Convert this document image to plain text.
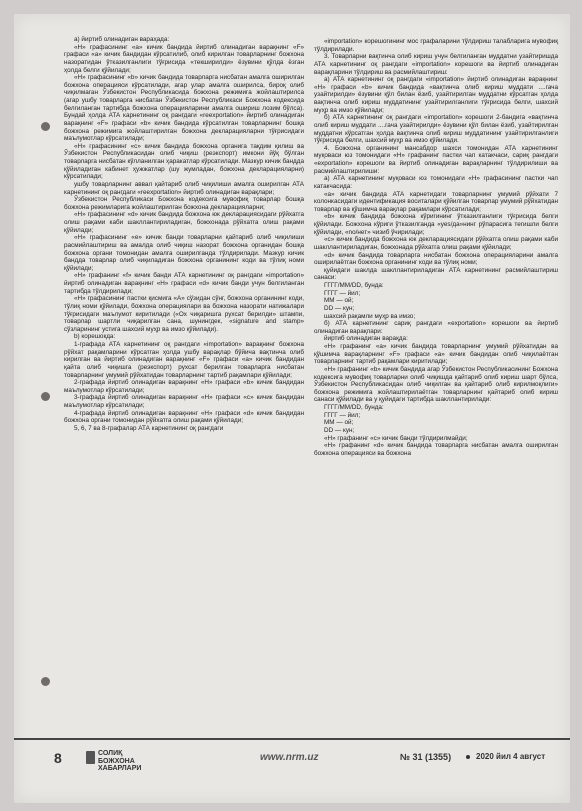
а) йиртиб олинадиган вараҳада:

«Н» графасининг «а» кичик бандида йиртиб олинадиган варақнинг «F» графаси «а» кичик бандидан кўрсатилиб, олиб кирилган товарларнинг божхона назоратидан ўтказилганлиги тўғрисида «текширилди» ёзувини қўлда ёзган ҳолда белги қўйилади;

«Н» графасининг «b» кичик бандида товарларга нисбатан амалга оширилган божхона операцияси кўрсатилади, агар улар амалга оширилса, бироқ олиб чиқилмаган Ўзбекистон Республикасида божхона режимига жойлаштирилса (агар ушбу товарларга нисбатан Ўзбекистон Республикаси Божхона кодексида белгиланган тартибда божхона операцияларини амалга ошириш лозим бўлса). Бундай ҳолда АТА карнетининг оқ рангдаги «reexportation» йиртиб олинадиган варақнинг «F» графаси «b» кичик бандида кўрсатилган товарларнинг бошқа божхона режимига жойлаштирилган божхона декларацияларни тўғрисидаги маълумотлар кўрсатилади;

«Н» графасининг «с» кичик бандида божхона органига тақдим қилиш ва Ўзбекистон Республикасидан олиб чиқиш (реэкспорт) имкони йўқ бўлган товарларга нисбатан кўлланилган ҳаракатлар кўрсатилади. Мазкур кичик бандда қўйиладиган кабинет ҳужжатлар (шу жумладан, божхона декларацияларни) кўрсатилади;

ушбу товарларнинг аввал қайтариб олиб чиқилиши амалга оширилган АТА карнетининг оқ рангдаги «reexportation» йиртиб олинадиган варақлари;

Ўзбекистон Республикаси Божхона кодексига мувофиқ товарлар бошқа божхона режимларига жойлаштирилган божхона декларацияларни;

«Н» графасининг «d» кичик бандида божхона юк декларациясидаги рўйхатга олиш рақами каби шакллантириладиган, божхонада рўйхатга олиш рақами қўйилади;

«Н» графасининг «е» кичик банди товарларни қайтариб олиб чиқилиши расмийлаштириш ва амалда олиб чиқиш назорат божхона органидан бошқа божхона органи томонидан амалга оширилганда тўлдирилади. Мазкур кичик бандда товарлар олиб чиқиладиган божхона органининг коди ва тўлиқ номи қўйилади;

«Н» графанинг «f» кичик банди АТА карнетининг оқ рангдаги «importation» йиртиб олинадиган варақнинг «Н» графаси «d» кичик банди учун белгиланган тартибда тўлдирилади;

«Н» графасининг пастки қисмига «А» сўзидан сўнг, божхона органининг коди, тўлиқ номи қўйилади, божхона операциялари ва божхона назорати натижалари тўғрисидаги маълумот киритилади («Ох чиқаришга рухсат берилди» штампи, товарлар шартли чиқарилган сана, шунингдек, «signature and stamp» сўзларининг устига шахсий муҳр ва имзо қўйилади).

b) корешокда:

1-графада АТА карнетининг оқ рангдаги «importation» варақнинг божхона рўйхат рақамларини кўрсатган ҳолда ушбу варақлар бўйича вақтинча олиб кирилган ва йиртиб олинадиган варақнинг «F» графаси «а» кичик бандидан қайта олиб чиқишга (реэкспорт) рухсат берилган товарларга нисбатан товарларнинг умумий рўйхатидан товарларнинг тартиб рақамлари қўйилади;

2-графада йиртиб олинадиган варақнинг «Н» графаси «b» кичик бандидан маълумотлар кўрсатилади;

3-графада йиртиб олинадиган варақнинг «Н» графаси «с» кичик бандидан маълумотлар кўрсатилади;

4-графада йиртиб олинадиган варақнинг «Н» графаси «d» кичик бандидан божхона органи томонидан рўйхатга олиш рақами қўйилади;

5, 6, 7 ва 8-графалар АТА карнетининг оқ рангдаги

«importation» корешогининг мос графаларини тўлдириш талабларига мувофиқ тўлдирилади.

3. Товарларни вақтинча олиб кириш учун белгиланган муддатни узайтиришда АТА карнетининг оқ рангдаги «importation» корешоги ва йиртиб олинадиган варақларини тўлдириш ва расмийлаштириш:

а) АТА карнетининг оқ рангдаги «importation» йиртиб олинадиган варақнинг «Н» графаси «b» кичик бандида «вақтинча олиб кириш муддати ....гача узайтирилди» ёзувини қўл билан ёзиб, узайтирилган муддатни кўрсатган ҳолда вақтинча олиб кириш муддатининг узайтирилганлиги тўғрисида белги, шахсий муҳр ва имзо қўйилади;

б) АТА карнетининг оқ рангдаги «importation» корешоги 2-бандига «вақтинча олиб кириш муддати ....гача узайтирилди» ёзувини қўл билан ёзиб, узайтирилган муддатни кўрсатган ҳолда вақтинча олиб кириш муддатининг узайтирилганлиги тўғрисида белги, шахсий муҳр ва имзо қўйилади.

4. Божхона органининг мансабдор шахси томонидан АТА карнетининг муқоваси юз томонидаги «Н» графанинг пастки чап катакчаси, сариқ рангдаги «exportation» корешоги ва йиртиб олинадиган варақларнинг тўлдирилиши ва расмийлаштирилиши:

а) АТА карнетининг муқоваси юз томонидаги «Н» графасининг пастки чап катакчасида:

«а» кичик бандида АТА карнетидаги товарларнинг умумий рўйхати 7 колонкасидаги идентификация воситалари қўйилган товарлар умумий рўйхатидан товарлар ва қўшимча варақлар рақамлари кўрсатилади;

«b» кичик бандида божхона кўригининг ўтказилганлиги тўғрисида белги қўйилади. Божхона кўриги ўтказилганда «yes/да»нинг рўпарасига тегишли белги қўйилади, «no/нет» чизиб ўчирилади;

«с» кичик бандида божхона юк декларациясидаги рўйхатга олиш рақами каби шакллантириладиган, божхонада рўйхатга олиш рақами қўйилади;

«d» кичик бандида товарларга нисбатан божхона операцияларини амалга оширилаётган божхона органининг коди ва тўлиқ номи;

қуйидаги шаклда шакллантириладиган АТА карнетининг расмийлаштириш санаси:

ГГГГ/ММ/DD, бунда:

ГГГГ — йил;

ММ — ой;

DD — кун;

шахсий рақамли муҳр ва имзо;

б) АТА карнетининг сариқ рангдаги «exportation» корешоги ва йиртиб олинадиган варақлари:

йиртиб олинадиган варақда:

«Н» графанинг «а» кичик бандида товарларнинг умумий рўйхатидан ва қўшимча варақларнинг «F» графаси «а» кичик бандидан олиб чиқилаётган товарларнинг тартиб рақамлари киритилади;

«Н» графанинг «b» кичик бандида агар Ўзбекистон Республикасининг Божхона кодексига мувофиқ товарларни олиб чиқишда қайтариб олиб кириш шарт бўлса, Ўзбекистон Республикасидан олиб чиқилган ва қайтариб олиб кирилмоқлиги» божхона режимига жойлаштирилаётган товарларнинг қайтариб олиб кириш санаси қўйилади ва у қуйидаги тартибда шакллантирилади:

ГГГГ/ММ/DD, бунда:

ГГГГ — йил;

ММ — ой;

DD — кун;

«Н» графанинг «с» кичик банди тўлдирилмайди;

«Н» графанинг «d» кичик бандида товарларга нисбатан амалга оширилган божхона операцияси ва божхона

8	СОЛИҚ
БОЖХОНА ХАБАРЛАРИ
www.nrm.uz	№ 31 (1355)	2020 йил 4 август
